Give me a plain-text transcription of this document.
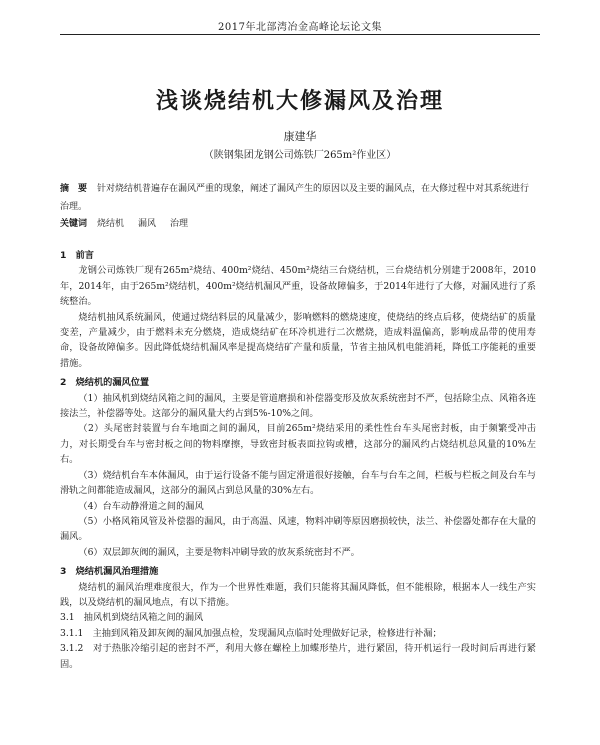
2017年北部湾冶金高峰论坛论文集
浅谈烧结机大修漏风及治理
康建华
（陕钢集团龙钢公司炼铁厂265m²作业区）
摘　要 针对烧结机普遍存在漏风严重的现象，阐述了漏风产生的原因以及主要的漏风点，在大修过程中对其系统进行治理。
关键词 烧结机 漏风 治理
1　前言

龙钢公司炼铁厂现有265m²烧结、400m²烧结、450m²烧结三台烧结机，三台烧结机分别建于2008年，2010年，2014年，由于265m²烧结机，400m²烧结机漏风严重，设备故障偏多，于2014年进行了大修，对漏风进行了系统整治。

烧结机抽风系统漏风，使通过烧结料层的风量减少，影响燃料的燃烧速度，使烧结的终点后移，使烧结矿的质量变差，产量减少，由于燃料未充分燃烧，造成烧结矿在环冷机进行二次燃烧，造成料温偏高，影响成品带的使用寿命，设备故障偏多。因此降低烧结机漏风率是提高烧结矿产量和质量，节省主抽风机电能消耗，降低工序能耗的重要措施。

2　烧结机的漏风位置

（1）抽风机到烧结风箱之间的漏风，主要是管道磨损和补偿器变形及放灰系统密封不严，包括除尘点、风箱各连接法兰，补偿器等处。这部分的漏风量大约占到5%-10%之间。

（2）头尾密封装置与台车地面之间的漏风，目前265m²烧结采用的柔性性台车头尾密封板，由于频繁受冲击力，对长期受台车与密封板之间的物料摩擦，导致密封板表面拉钩或槽，这部分的漏风约占烧结机总风量的10%左右。

（3）烧结机台车本体漏风，由于运行设备不能与固定滑道很好接触，台车与台车之间，栏板与栏板之间及台车与滑轨之间都能造成漏风，这部分的漏风占到总风量的30%左右。

（4）台车动静滑道之间的漏风

（5）小格风箱风管及补偿器的漏风，由于高温、风速，物料冲刷等原因磨损较快，法兰、补偿器处都存在大量的漏风。

（6）双层卸灰阀的漏风，主要是物料冲刷导致的放灰系统密封不严。

3　烧结机漏风治理措施

烧结机的漏风治理难度很大，作为一个世界性难题，我们只能将其漏风降低，但不能根除，根据本人一线生产实践，以及烧结机的漏风地点，有以下措施。

3.1　抽风机到烧结风箱之间的漏风

3.1.1　主抽到风箱及卸灰阀的漏风加强点检，发现漏风点临时处理做好记录，检修进行补漏；

3.1.2　对于热胀冷缩引起的密封不严，利用大修在螺栓上加蝶形垫片，进行紧固，待开机运行一段时间后再进行紧固。
